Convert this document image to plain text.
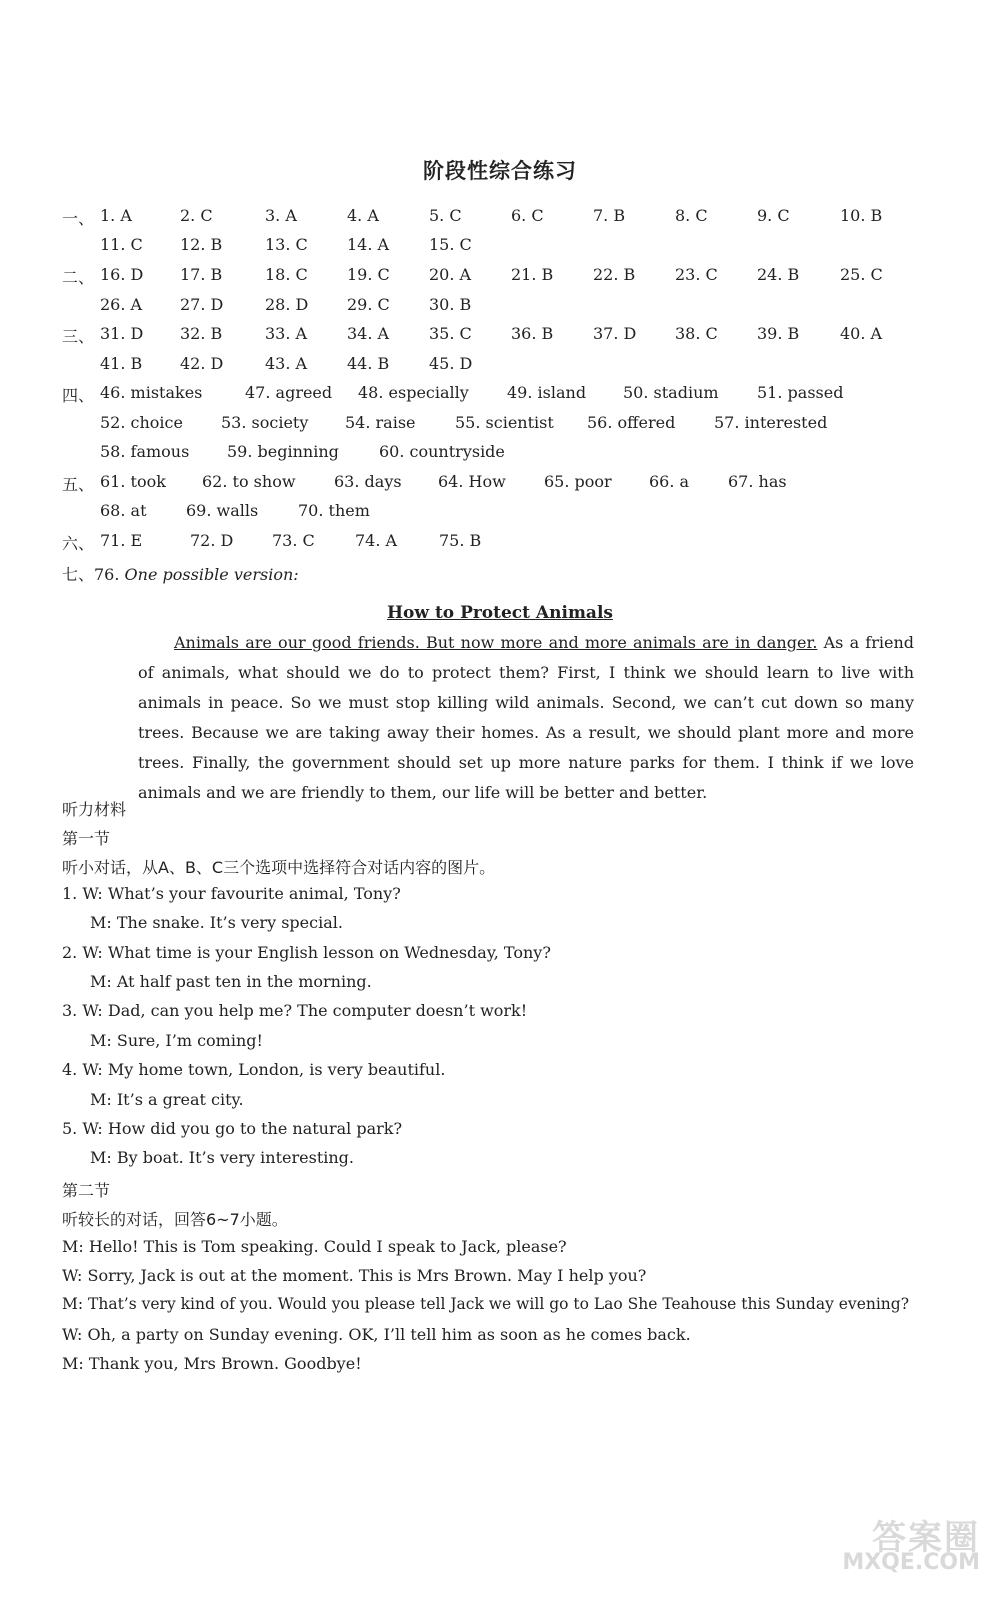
阶段性综合练习
一、 1. A	2. C	3. A	4. A	5. C	6. C	7. B	8. C	9. C	10. B
11. C 12. B	13. C 14. A 15. C
二、 16. D 17. B	18. C 19. C 20. A 21. B 22. B 23. C 24. B	25. C
26. A 27. D	28. D 29. C 30. B
三、 31. D 32. B	33. A 34. A 35. C 36. B 37. D 38. C 39. B	40. A
41. B 42. D	43. A 44. B 45. D
四、 46. mistakes	47. agreed 48. especially 49. island 50. stadium 51. passed
52. choice 53. society 54. raise 55. scientist 56. offered 57. interested
58. famous 59. beginning	60. countryside
五、 61. took 62. to show 63. days 64. How 65. poor 66. a 67. has
68. at 69. walls 70. them
六、 71. E	72. D 73. C	74. A	75. B
七、76. One possible version:
How to Protect Animals

Animals are our good friends. But now more and more animals are in danger. As a friend of animals, what should we do to protect them? First, I think we should learn to live with animals in peace. So we must stop killing wild animals. Second, we can’t cut down so many trees. Because we are taking away their homes. As a result, we should plant more and more trees. Finally, the government should set up more nature parks for them. I think if we love animals and we are friendly to them, our life will be better and better.

听力材料
第一节
听小对话，从A、B、C三个选项中选择符合对话内容的图片。
1. W: What’s your favourite animal, Tony?
M: The snake. It’s very special.
2. W: What time is your English lesson on Wednesday, Tony?
M: At half past ten in the morning.
3. W: Dad, can you help me? The computer doesn’t work!
M: Sure, I’m coming!
4. W: My home town, London, is very beautiful.
M: It’s a great city.
5. W: How did you go to the natural park?
M: By boat. It’s very interesting.
第二节
听较长的对话，回答6~7小题。
M: Hello! This is Tom speaking. Could I speak to Jack, please?
W: Sorry, Jack is out at the moment. This is Mrs Brown. May I help you?
M: That’s very kind of you. Would you please tell Jack we will go to Lao She Teahouse this Sunday evening?
W: Oh, a party on Sunday evening. OK, I’ll tell him as soon as he comes back.
M: Thank you, Mrs Brown. Goodbye!
答案圈
MXQE.COM
